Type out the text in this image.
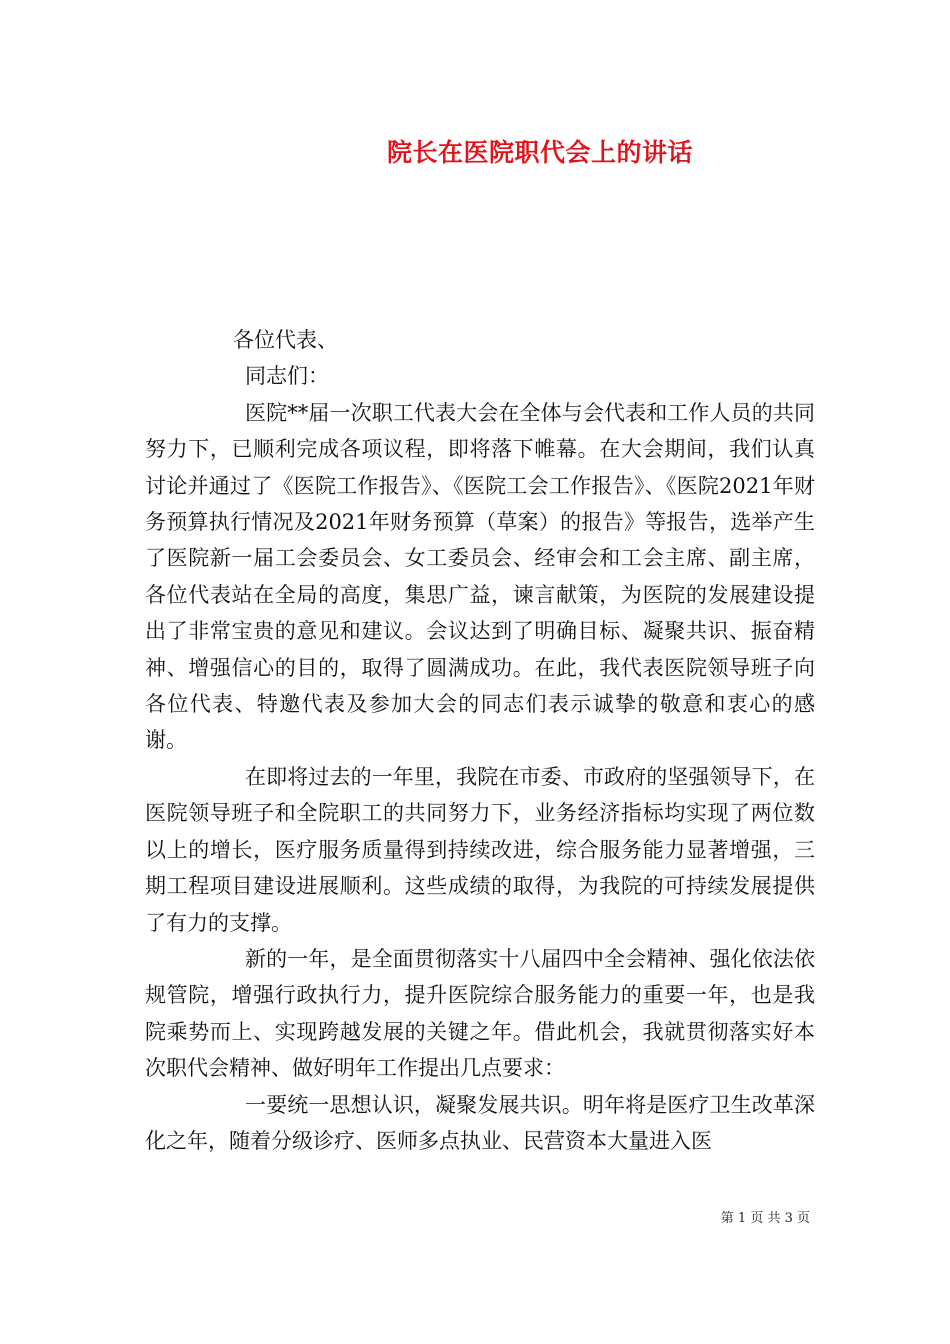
院长在医院职代会上的讲话
各位代表、
同志们：

医院**届一次职工代表大会在全体与会代表和工作人员的共同努力下，已顺利完成各项议程，即将落下帷幕。在大会期间，我们认真讨论并通过了《医院工作报告》、《医院工会工作报告》、《医院2021年财务预算执行情况及2021年财务预算（草案）的报告》等报告，选举产生了医院新一届工会委员会、女工委员会、经审会和工会主席、副主席，各位代表站在全局的高度，集思广益，谏言献策，为医院的发展建设提出了非常宝贵的意见和建议。会议达到了明确目标、凝聚共识、振奋精神、增强信心的目的，取得了圆满成功。在此，我代表医院领导班子向各位代表、特邀代表及参加大会的同志们表示诚挚的敬意和衷心的感谢。

在即将过去的一年里，我院在市委、市政府的坚强领导下，在医院领导班子和全院职工的共同努力下，业务经济指标均实现了两位数以上的增长，医疗服务质量得到持续改进，综合服务能力显著增强，三期工程项目建设进展顺利。这些成绩的取得，为我院的可持续发展提供了有力的支撑。

新的一年，是全面贯彻落实十八届四中全会精神、强化依法依规管院，增强行政执行力，提升医院综合服务能力的重要一年，也是我院乘势而上、实现跨越发展的关键之年。借此机会，我就贯彻落实好本次职代会精神、做好明年工作提出几点要求：

一要统一思想认识，凝聚发展共识。明年将是医疗卫生改革深化之年，随着分级诊疗、医师多点执业、民营资本大量进入医

第 1 页 共 3 页
